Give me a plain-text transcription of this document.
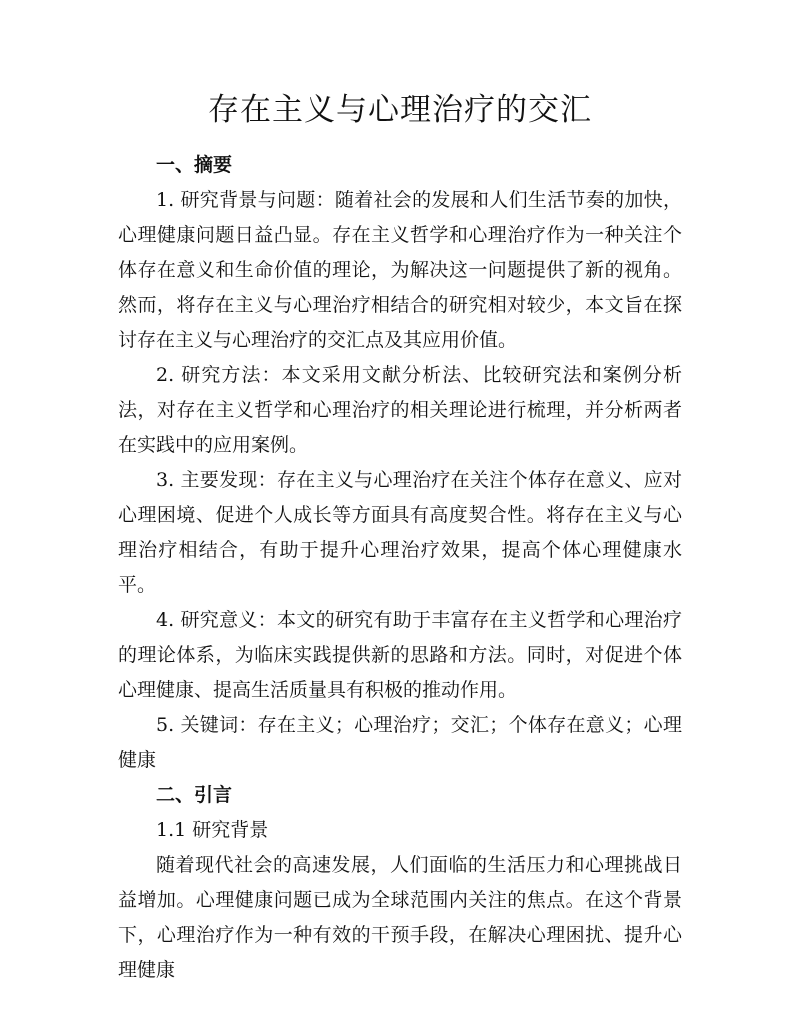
存在主义与心理治疗的交汇
一、摘要

1. 研究背景与问题：随着社会的发展和人们生活节奏的加快，心理健康问题日益凸显。存在主义哲学和心理治疗作为一种关注个体存在意义和生命价值的理论，为解决这一问题提供了新的视角。然而，将存在主义与心理治疗相结合的研究相对较少，本文旨在探讨存在主义与心理治疗的交汇点及其应用价值。

2. 研究方法：本文采用文献分析法、比较研究法和案例分析法，对存在主义哲学和心理治疗的相关理论进行梳理，并分析两者在实践中的应用案例。

3. 主要发现：存在主义与心理治疗在关注个体存在意义、应对心理困境、促进个人成长等方面具有高度契合性。将存在主义与心理治疗相结合，有助于提升心理治疗效果，提高个体心理健康水平。

4. 研究意义：本文的研究有助于丰富存在主义哲学和心理治疗的理论体系，为临床实践提供新的思路和方法。同时，对促进个体心理健康、提高生活质量具有积极的推动作用。

5. 关键词：存在主义；心理治疗；交汇；个体存在意义；心理健康

二、引言

1.1 研究背景

随着现代社会的高速发展，人们面临的生活压力和心理挑战日益增加。心理健康问题已成为全球范围内关注的焦点。在这个背景下，心理治疗作为一种有效的干预手段，在解决心理困扰、提升心理健康
